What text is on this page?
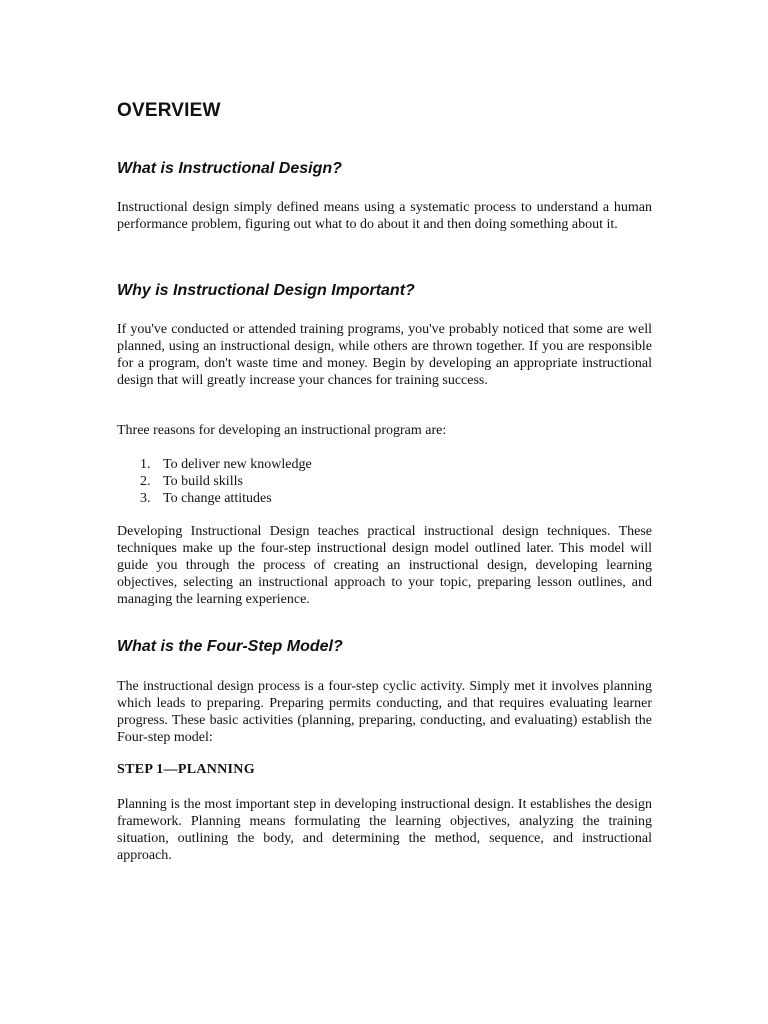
OVERVIEW
What is Instructional Design?

Instructional design simply defined means using a systematic process to understand a human performance problem, figuring out what to do about it and then doing something about it.

Why is Instructional Design Important?

If you've conducted or attended training programs, you've probably noticed that some are well planned, using an instructional design, while others are thrown together. If you are responsible for a program, don't waste time and money. Begin by developing an appropriate instructional design that will greatly increase your chances for training success.

Three reasons for developing an instructional program are:

1. To deliver new knowledge
2. To build skills
3. To change attitudes

Developing Instructional Design teaches practical instructional design techniques. These techniques make up the four-step instructional design model outlined later. This model will guide you through the process of creating an instructional design, developing learning objectives, selecting an instructional approach to your topic, preparing lesson outlines, and managing the learning experience.

What is the Four-Step Model?

The instructional design process is a four-step cyclic activity. Simply met it involves planning which leads to preparing. Preparing permits conducting, and that requires evaluating learner progress. These basic activities (planning, preparing, conducting, and evaluating) establish the Four-step model:

STEP 1—PLANNING

Planning is the most important step in developing instructional design. It establishes the design framework. Planning means formulating the learning objectives, analyzing the training situation, outlining the body, and determining the method, sequence, and instructional approach.
